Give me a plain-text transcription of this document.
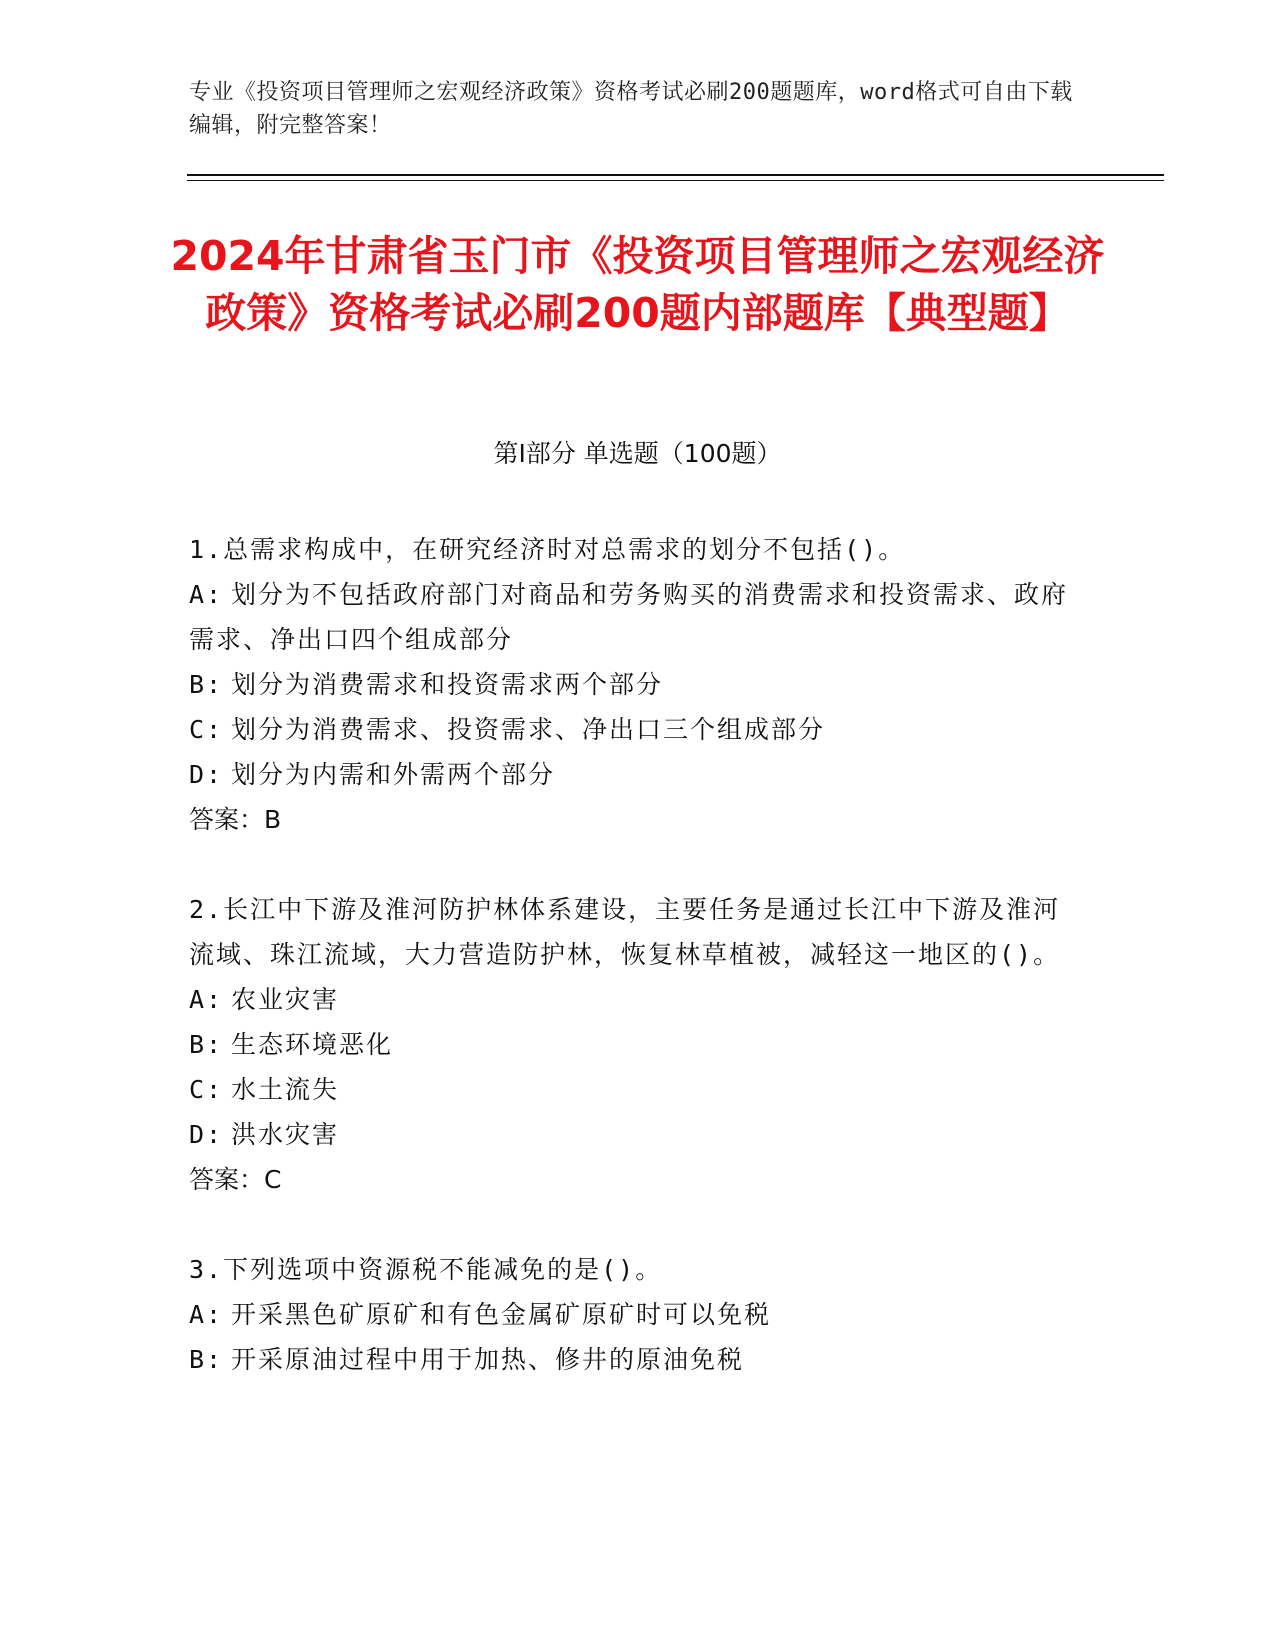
专业《投资项目管理师之宏观经济政策》资格考试必刷200题题库，word格式可自由下载编辑，附完整答案！
2024年甘肃省玉门市《投资项目管理师之宏观经济政策》资格考试必刷200题内部题库【典型题】
第Ⅰ部分 单选题（100题）
1.总需求构成中，在研究经济时对总需求的划分不包括()。
A: 划分为不包括政府部门对商品和劳务购买的消费需求和投资需求、政府需求、净出口四个组成部分
B: 划分为消费需求和投资需求两个部分
C: 划分为消费需求、投资需求、净出口三个组成部分
D: 划分为内需和外需两个部分
答案：B
2.长江中下游及淮河防护林体系建设，主要任务是通过长江中下游及淮河流域、珠江流域，大力营造防护林，恢复林草植被，减轻这一地区的()。
A: 农业灾害
B: 生态环境恶化
C: 水土流失
D: 洪水灾害
答案：C
3.下列选项中资源税不能减免的是()。
A: 开采黑色矿原矿和有色金属矿原矿时可以免税
B: 开采原油过程中用于加热、修井的原油免税
